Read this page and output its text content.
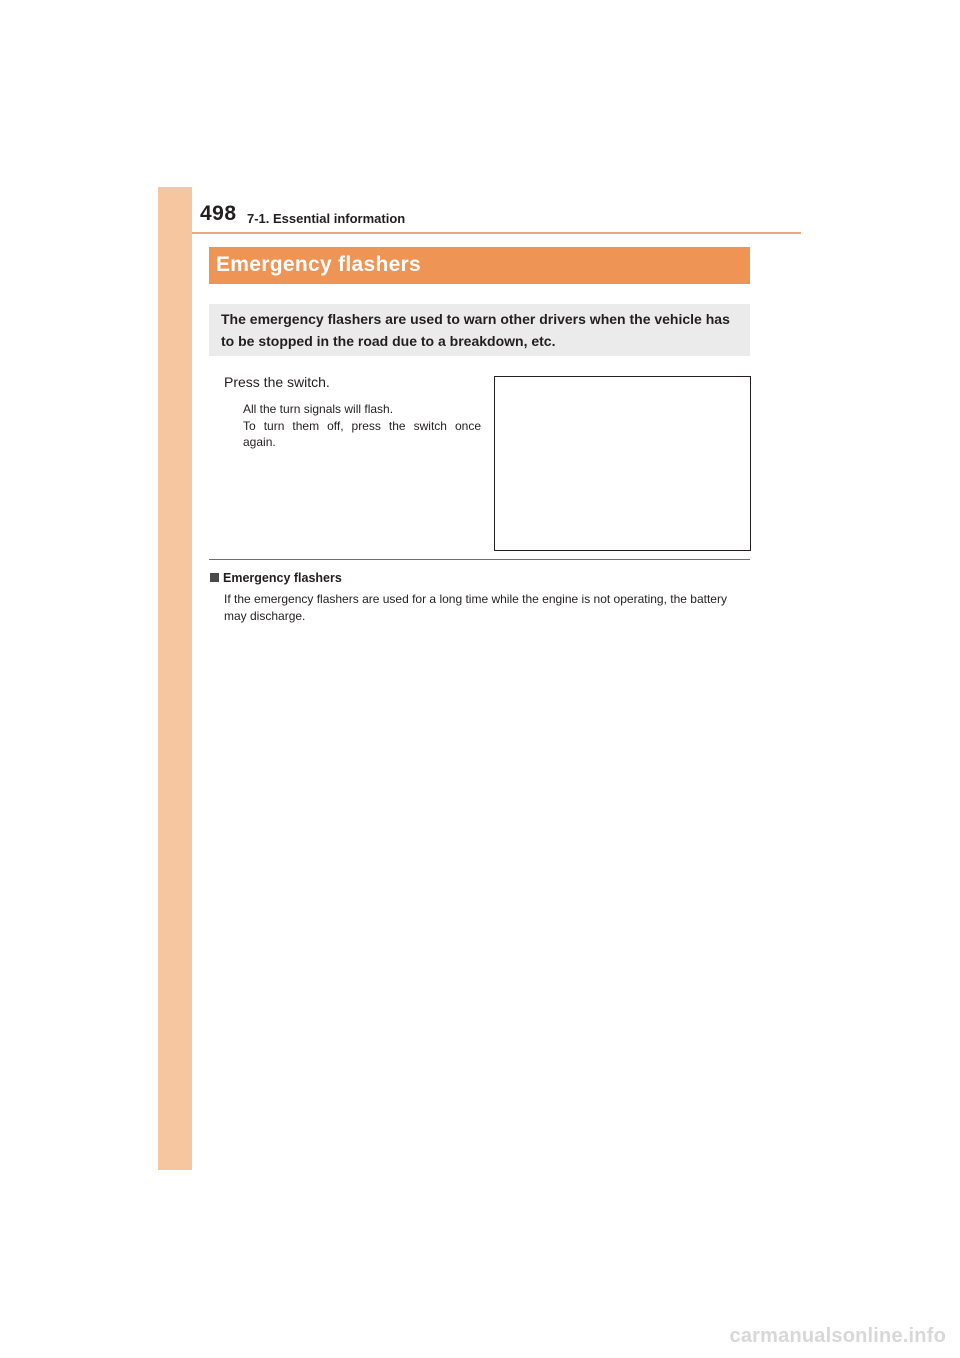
498 7-1. Essential information
Emergency flashers
The emergency flashers are used to warn other drivers when the vehicle has to be stopped in the road due to a breakdown, etc.
Press the switch.

All the turn signals will flash.

To turn them off, press the switch once again.

Emergency flashers
If the emergency flashers are used for a long time while the engine is not operating, the battery may discharge.
carmanualsonline.info
